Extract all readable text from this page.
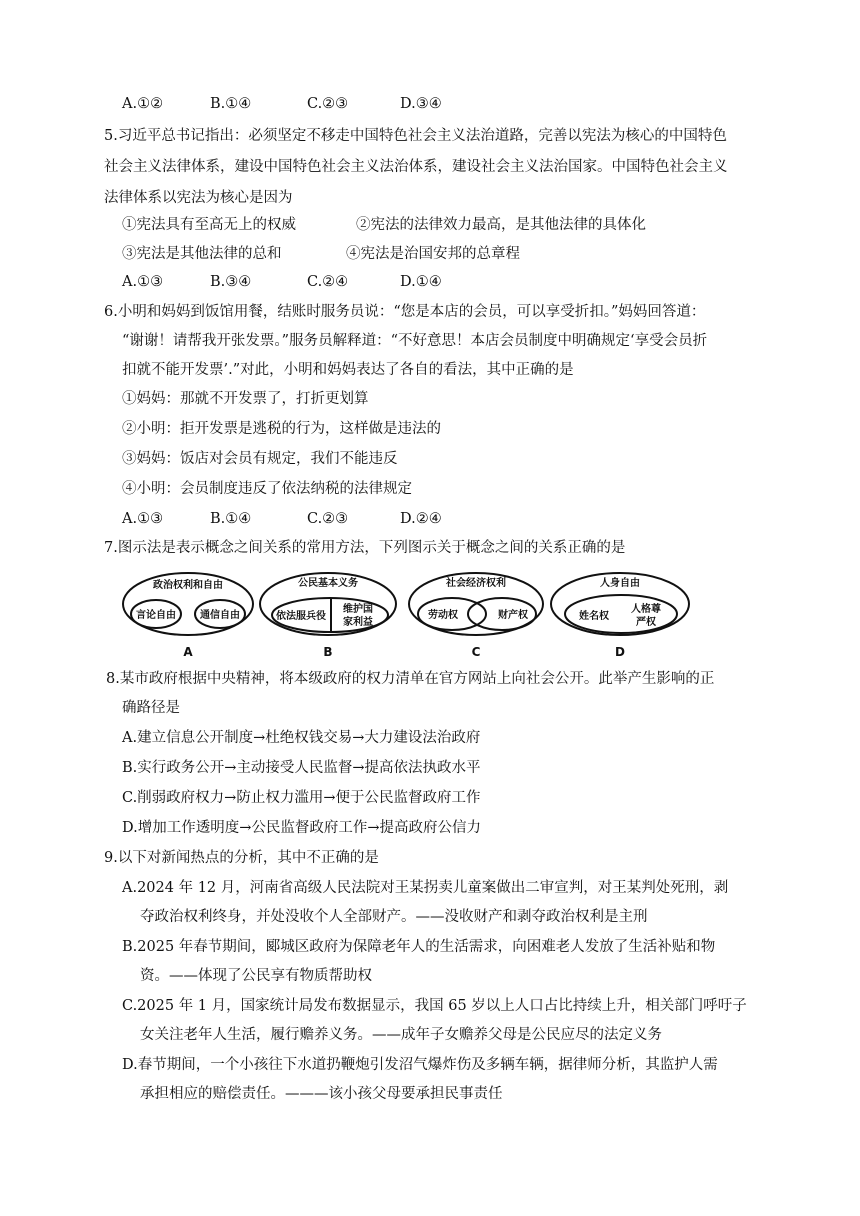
A.①②	B.①④	C.②③	D.③④
5.习近平总书记指出：必须坚定不移走中国特色社会主义法治道路，完善以宪法为核心的中国特色
社会主义法律体系，建设中国特色社会主义法治体系，建设社会主义法治国家。中国特色社会主义
法律体系以宪法为核心是因为
①宪法具有至高无上的权威	②宪法的法律效力最高，是其他法律的具体化
③宪法是其他法律的总和	④宪法是治国安邦的总章程
A.①③	B.③④	C.②④	D.①④
6.小明和妈妈到饭馆用餐，结账时服务员说：“您是本店的会员，可以享受折扣。”妈妈回答道：
“谢谢！请帮我开张发票。”服务员解释道：“不好意思！本店会员制度中明确规定‘享受会员折
扣就不能开发票’.”对此，小明和妈妈表达了各自的看法，其中正确的是
①妈妈：那就不开发票了，打折更划算
②小明：拒开发票是逃税的行为，这样做是违法的
③妈妈：饭店对会员有规定，我们不能违反
④小明：会员制度违反了依法纳税的法律规定
A.①③	B.①④	C.②③	D.②④
7.图示法是表示概念之间关系的常用方法，下列图示关于概念之间的关系正确的是
政治权利和自由
言论自由 通信自由
公民基本义务
依法服兵役
维护国
家利益
社会经济权利
劳动权	财产权
人身自由
姓名权
人格尊
严权
A	B	C	D
8.某市政府根据中央精神，将本级政府的权力清单在官方网站上向社会公开。此举产生影响的正
确路径是
A.建立信息公开制度→杜绝权钱交易→大力建设法治政府
B.实行政务公开→主动接受人民监督→提高依法执政水平
C.削弱政府权力→防止权力滥用→便于公民监督政府工作
D.增加工作透明度→公民监督政府工作→提高政府公信力
9.以下对新闻热点的分析，其中不正确的是
A.2024 年 12 月，河南省高级人民法院对王某拐卖儿童案做出二审宣判，对王某判处死刑，剥
夺政治权利终身，并处没收个人全部财产。——没收财产和剥夺政治权利是主刑
B.2025 年春节期间，郾城区政府为保障老年人的生活需求，向困难老人发放了生活补贴和物
资。——体现了公民享有物质帮助权
C.2025 年 1 月，国家统计局发布数据显示，我国 65 岁以上人口占比持续上升，相关部门呼吁子
女关注老年人生活，履行赡养义务。——成年子女赡养父母是公民应尽的法定义务
D.春节期间，一个小孩往下水道扔鞭炮引发沼气爆炸伤及多辆车辆，据律师分析，其监护人需
承担相应的赔偿责任。———该小孩父母要承担民事责任
